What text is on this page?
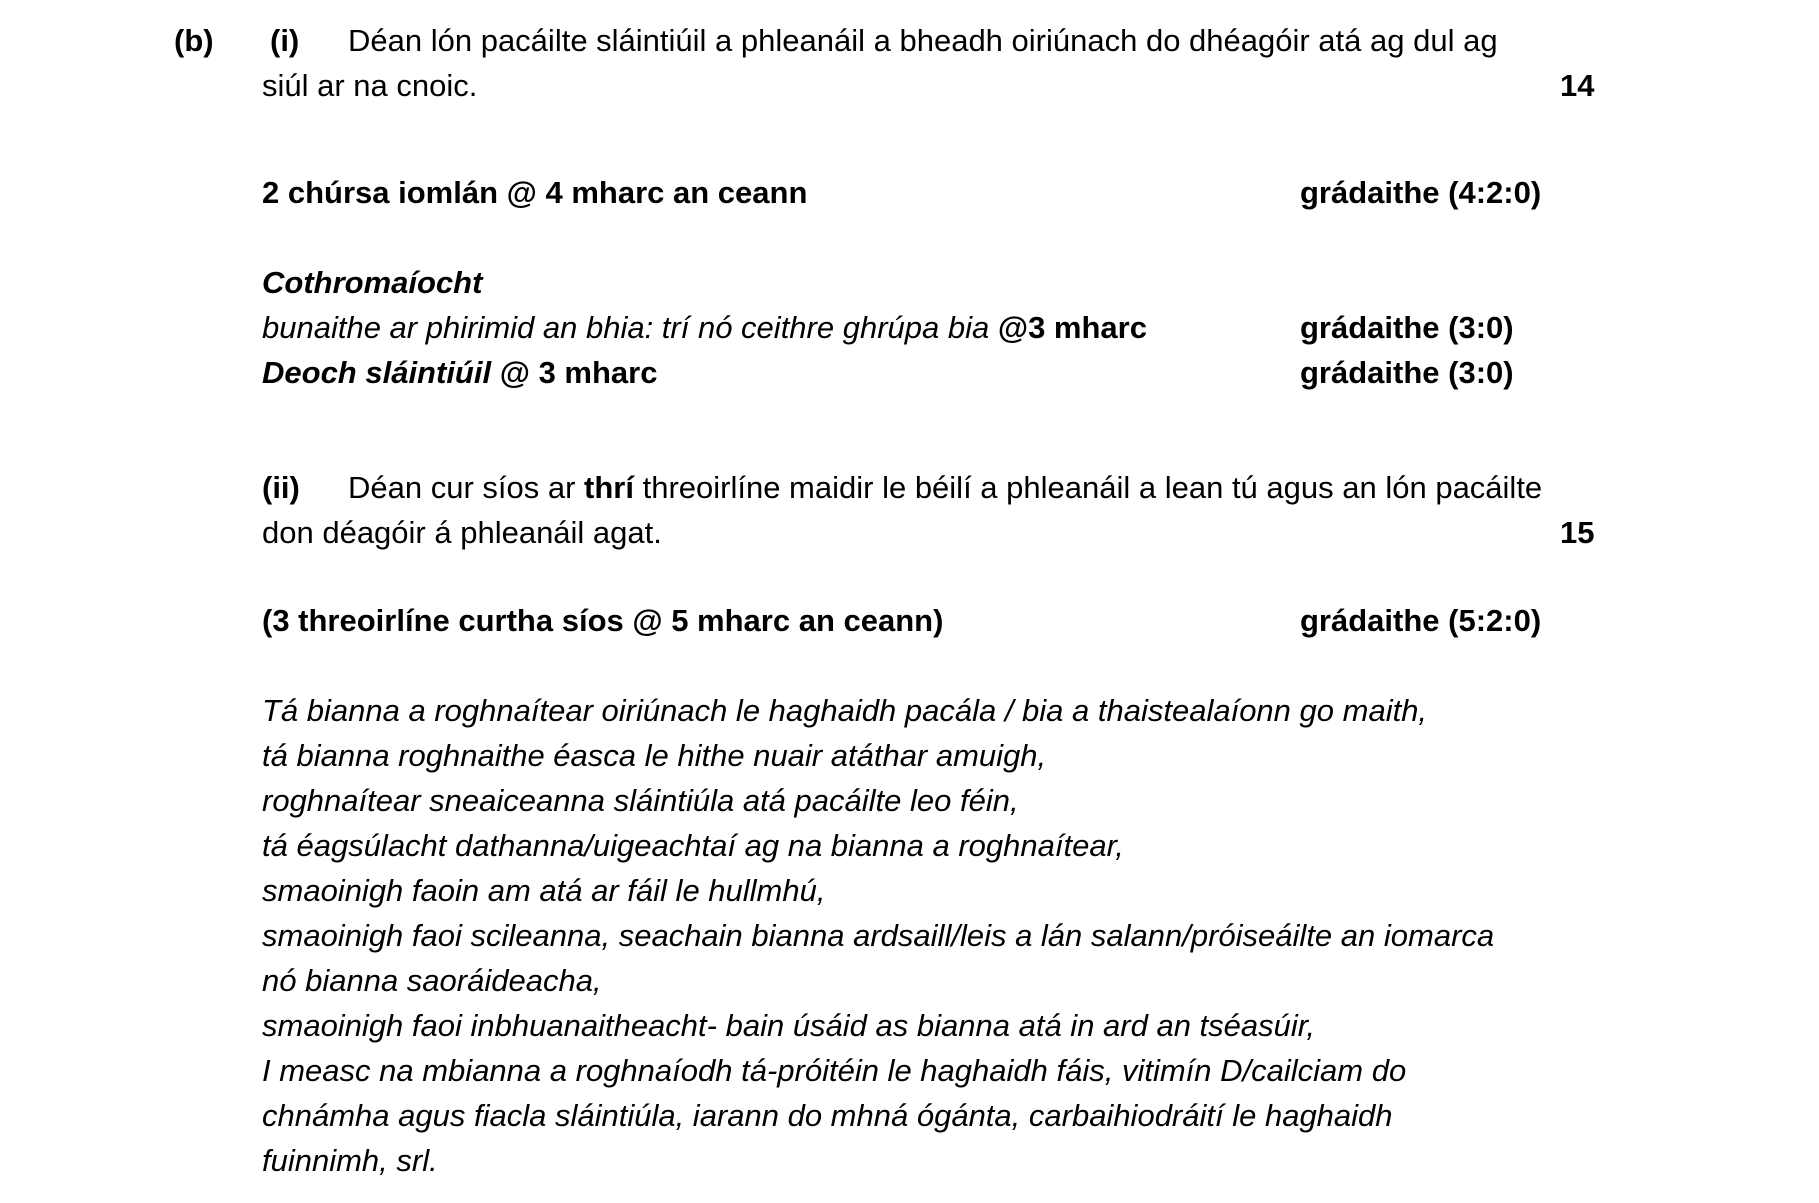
(b) (i) Déan lón pacáilte sláintiúil a phleanáil a bheadh oiriúnach do dhéagóir atá ag dul ag
siúl ar na cnoic.	14
2 chúrsa iomlán @ 4 mharc an ceann	grádaithe (4:2:0)
Cothromaíocht
bunaithe ar phirimid an bhia: trí nó ceithre ghrúpa bia @3 mharc	grádaithe (3:0)
Deoch sláintiúil @ 3 mharc	grádaithe (3:0)
(ii) Déan cur síos ar thrí threoirlíne maidir le béilí a phleanáil a lean tú agus an lón pacáilte
don déagóir á phleanáil agat.	15
(3 threoirlíne curtha síos @ 5 mharc an ceann)	grádaithe (5:2:0)
Tá bianna a roghnaítear oiriúnach le haghaidh pacála / bia a thaistealaíonn go maith,
tá bianna roghnaithe éasca le hithe nuair atáthar amuigh,
roghnaítear sneaiceanna sláintiúla atá pacáilte leo féin,
tá éagsúlacht dathanna/uigeachtaí ag na bianna a roghnaítear,
smaoinigh faoin am atá ar fáil le hullmhú,
smaoinigh faoi scileanna, seachain bianna ardsaill/leis a lán salann/próiseáilte an iomarca
nó bianna saoráideacha,
smaoinigh faoi inbhuanaitheacht- bain úsáid as bianna atá in ard an tséasúir,
I measc na mbianna a roghnaíodh tá-próitéin le haghaidh fáis, vitimín D/cailciam do
chnámha agus fiacla sláintiúla, iarann do mhná ógánta, carbaihiodráití le haghaidh
fuinnimh, srl.
